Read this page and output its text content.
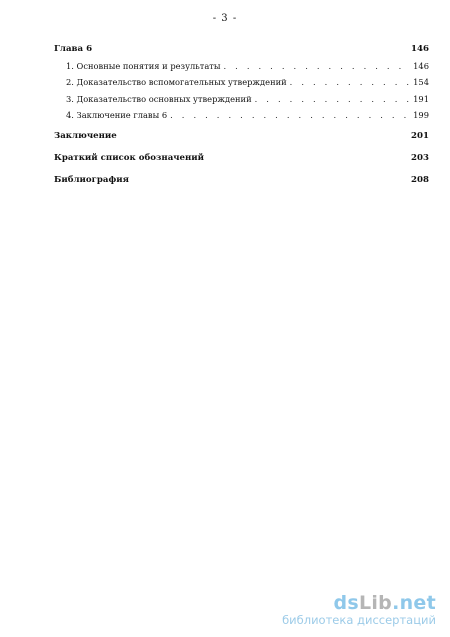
- 3 -
Глава 6	146
1. Основные понятия и результаты . . .	146
2. Доказательство вспомогательных утверждений . . .	154
3. Доказательство основных утверждений . . .	191
4. Заключение главы 6 . . .	199
Заключение	201
Краткий список обозначений	203
Библиография	208
dsLib.net
библиотека диссертаций
